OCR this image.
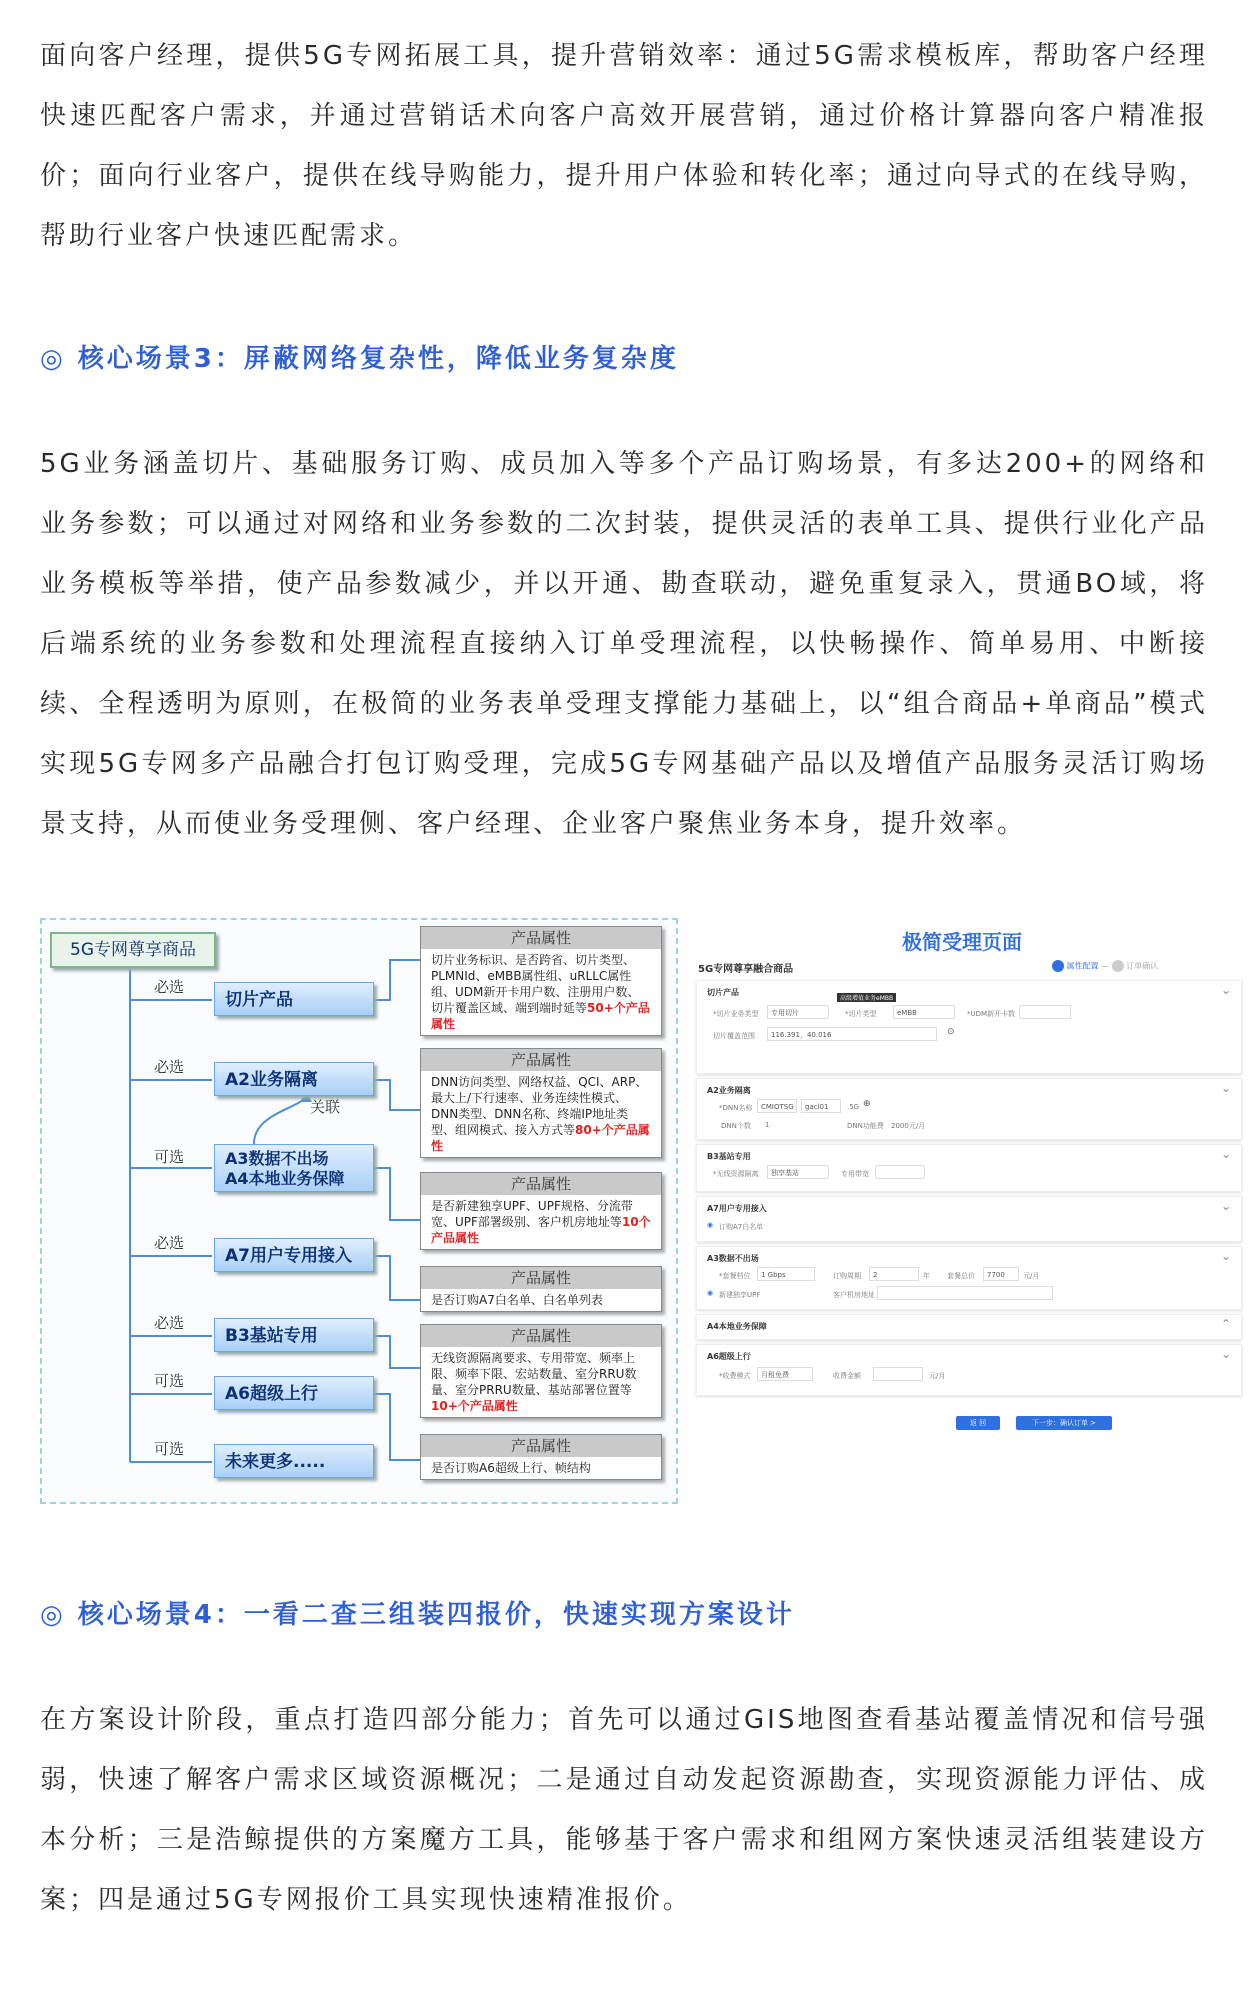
面向客户经理，提供5G专网拓展工具，提升营销效率：通过5G需求模板库，帮助客户经理快速匹配客户需求，并通过营销话术向客户高效开展营销，通过价格计算器向客户精准报价；面向行业客户，提供在线导购能力，提升用户体验和转化率；通过向导式的在线导购，帮助行业客户快速匹配需求。

◎ 核心场景3：屏蔽网络复杂性，降低业务复杂度

5G业务涵盖切片、基础服务订购、成员加入等多个产品订购场景，有多达200+的网络和业务参数；可以通过对网络和业务参数的二次封装，提供灵活的表单工具、提供行业化产品业务模板等举措，使产品参数减少，并以开通、勘查联动，避免重复录入，贯通BO域，将后端系统的业务参数和处理流程直接纳入订单受理流程，以快畅操作、简单易用、中断接续、全程透明为原则，在极简的业务表单受理支撑能力基础上，以“组合商品+单商品”模式实现5G专网多产品融合打包订购受理，完成5G专网基础产品以及增值产品服务灵活订购场景支持，从而使业务受理侧、客户经理、企业客户聚焦业务本身，提升效率。

5G专网尊享商品
必选
切片产品
必选
A2业务隔离
关联
可选	A3数据不出场
A4本地业务保障
必选
A7用户专用接入
必选
B3基站专用
可选
A6超级上行
可选
未来更多.....
产品属性
切片业务标识、是否跨省、切片类型、PLMNId、eMBB属性组、uRLLC属性组、UDM新开卡用户数、注册用户数、切片覆盖区域、端到端时延等50+个产品属性
产品属性
DNN访问类型、网络权益、QCI、ARP、最大上/下行速率、业务连续性模式、DNN类型、DNN名称、终端IP地址类型、组网模式、接入方式等80+个产品属性
产品属性
是否新建独享UPF、UPF规格、分流带宽、UPF部署级别、客户机房地址等10个产品属性
产品属性
是否订购A7白名单、白名单列表
产品属性
无线资源隔离要求、专用带宽、频率上限、频率下限、宏站数量、室分RRU数量、室分PRRU数量、基站部署位置等10+个产品属性
产品属性
是否订购A6超级上行、帧结构
极简受理页面
5G专网尊享融合商品	属性配置 —  订单确认
切片产品	⌄
*切片业务类型	专用切片	*切片类型	eMBB	*UDM新开卡数
高级增值业务eMBB
切片覆盖范围	116.391，40.016	⊙
A2业务隔离	⌄
*DNN名称	CMIOTSG	gacl01	.5G ⊕
DNN个数 1	DNN功能费 2000元/月
B3基站专用	⌄
*无线资源隔离	独享基站	专用带宽
A7用户专用接入	⌄
◉ 订购A7白名单
A3数据不出场	⌄
*套餐档位	1 Gbps	订购周期	2	年 套餐总价	7700	元/月
◉ 新建独享UPF	客户机房地址
A4本地业务保障	⌃
A6超级上行	⌄
*收费模式	月租免费	收费金额	元/月
返 回	下一步：确认订单 >

◎ 核心场景4：一看二查三组装四报价，快速实现方案设计

在方案设计阶段，重点打造四部分能力；首先可以通过GIS地图查看基站覆盖情况和信号强弱，快速了解客户需求区域资源概况；二是通过自动发起资源勘查，实现资源能力评估、成本分析；三是浩鲸提供的方案魔方工具，能够基于客户需求和组网方案快速灵活组装建设方案；四是通过5G专网报价工具实现快速精准报价。
